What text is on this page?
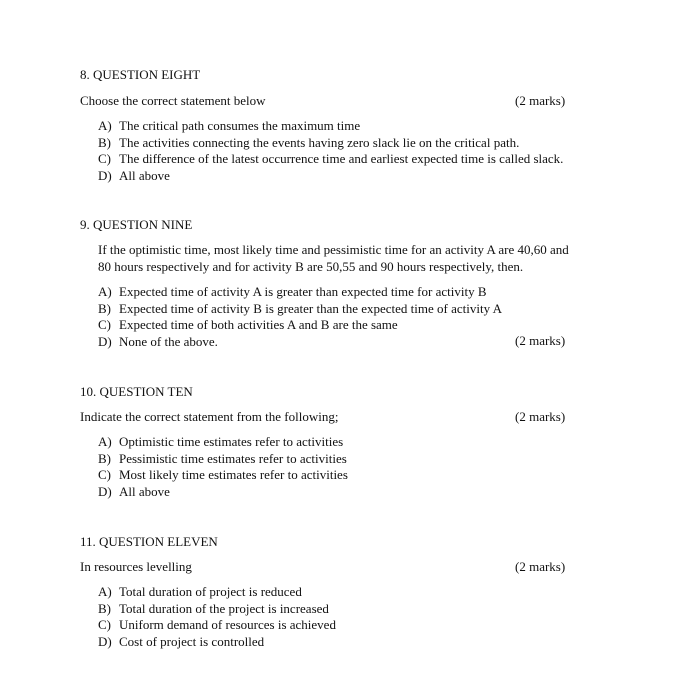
8. QUESTION EIGHT
Choose the correct statement below	(2 marks)
A) The critical path consumes the maximum time
B) The activities connecting the events having zero slack lie on the critical path.
C) The difference of the latest occurrence time and earliest expected time is called slack.
D) All above
9. QUESTION NINE
If the optimistic time, most likely time and pessimistic time for an activity A are 40,60 and
80 hours respectively and for activity B are 50,55 and 90 hours respectively, then.
A) Expected time of activity A is greater than expected time for activity B
B) Expected time of activity B is greater than the expected time of activity A
C) Expected time of both activities A and B are the same
D) None of the above.	(2 marks)
10. QUESTION TEN
Indicate the correct statement from the following;	(2 marks)
A) Optimistic time estimates refer to activities
B) Pessimistic time estimates refer to activities
C) Most likely time estimates refer to activities
D) All above
11. QUESTION ELEVEN
In resources levelling	(2 marks)
A) Total duration of project is reduced
B) Total duration of the project is increased
C) Uniform demand of resources is achieved
D) Cost of project is controlled
